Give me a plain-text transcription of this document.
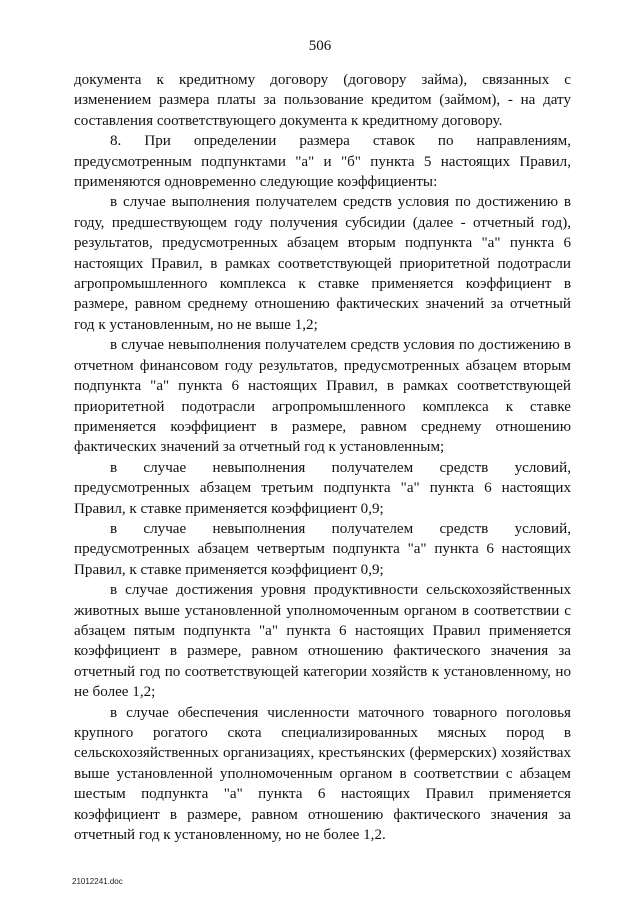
506

документа к кредитному договору (договору займа), связанных с изменением размера платы за пользование кредитом (займом), - на дату составления соответствующего документа к кредитному договору.

8. При определении размера ставок по направлениям, предусмотренным подпунктами "а" и "б" пункта 5 настоящих Правил, применяются одновременно следующие коэффициенты:

в случае выполнения получателем средств условия по достижению в году, предшествующем году получения субсидии (далее - отчетный год), результатов, предусмотренных абзацем вторым подпункта "а" пункта 6 настоящих Правил, в рамках соответствующей приоритетной подотрасли агропромышленного комплекса к ставке применяется коэффициент в размере, равном среднему отношению фактических значений за отчетный год к установленным, но не выше 1,2;

в случае невыполнения получателем средств условия по достижению в отчетном финансовом году результатов, предусмотренных абзацем вторым подпункта "а" пункта 6 настоящих Правил, в рамках соответствующей приоритетной подотрасли агропромышленного комплекса к ставке применяется коэффициент в размере, равном среднему отношению фактических значений за отчетный год к установленным;

в случае невыполнения получателем средств условий, предусмотренных абзацем третьим подпункта "а" пункта 6 настоящих Правил, к ставке применяется коэффициент 0,9;

в случае невыполнения получателем средств условий, предусмотренных абзацем четвертым подпункта "а" пункта 6 настоящих Правил, к ставке применяется коэффициент 0,9;

в случае достижения уровня продуктивности сельскохозяйственных животных выше установленной уполномоченным органом в соответствии с абзацем пятым подпункта "а" пункта 6 настоящих Правил применяется коэффициент в размере, равном отношению фактического значения за отчетный год по соответствующей категории хозяйств к установленному, но не более 1,2;

в случае обеспечения численности маточного товарного поголовья крупного рогатого скота специализированных мясных пород в сельскохозяйственных организациях, крестьянских (фермерских) хозяйствах выше установленной уполномоченным органом в соответствии с абзацем шестым подпункта "а" пункта 6 настоящих Правил применяется коэффициент в размере, равном отношению фактического значения за отчетный год к установленному, но не более 1,2.

21012241.doc
